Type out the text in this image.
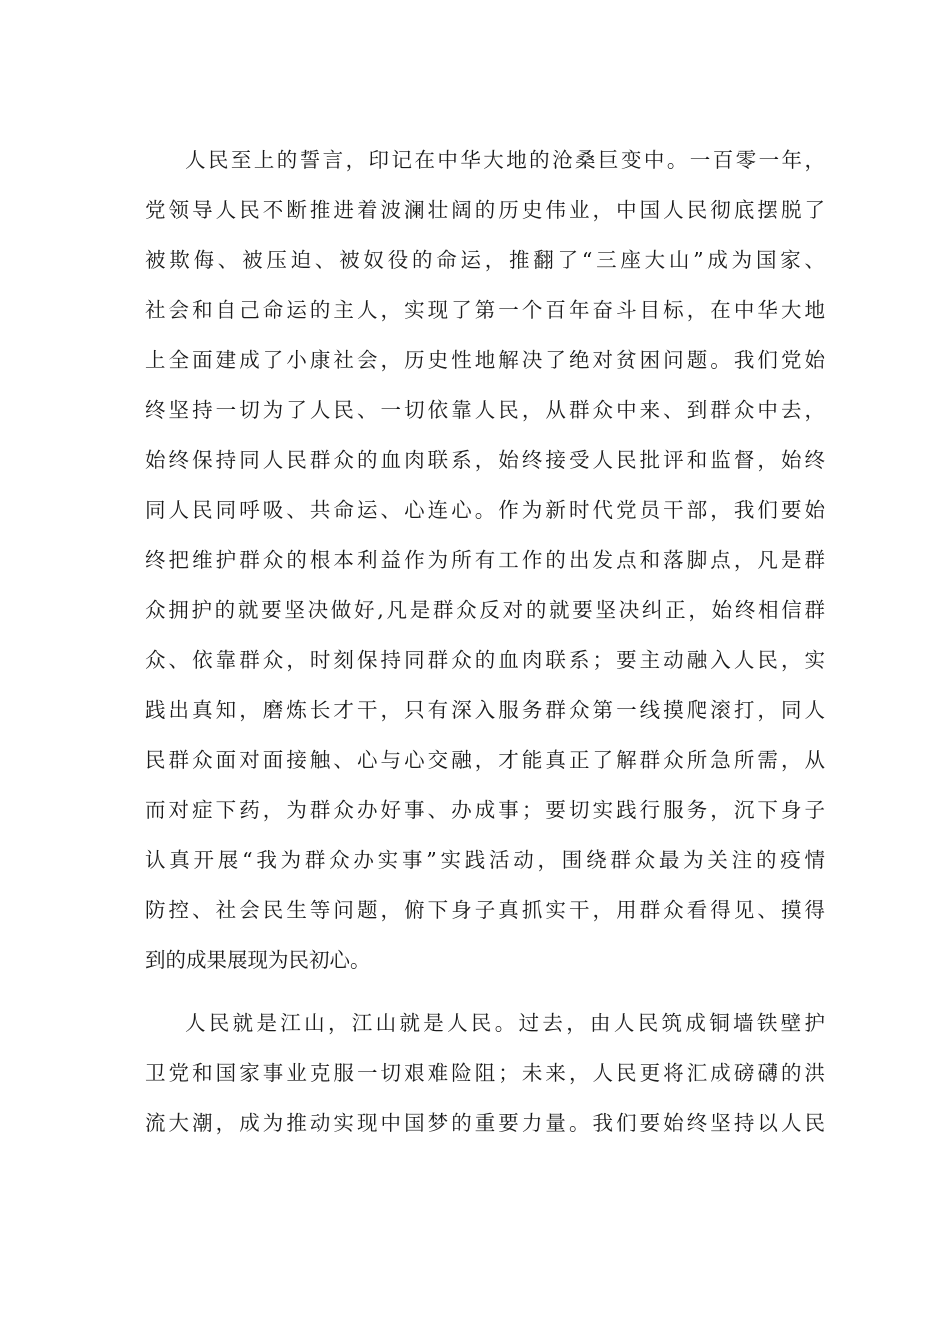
人民至上的誓言，印记在中华大地的沧桑巨变中。一百零一年，
党领导人民不断推进着波澜壮阔的历史伟业，中国人民彻底摆脱了
被欺侮、被压迫、被奴役的命运，推翻了“三座大山”成为国家、
社会和自己命运的主人，实现了第一个百年奋斗目标，在中华大地
上全面建成了小康社会，历史性地解决了绝对贫困问题。我们党始
终坚持一切为了人民、一切依靠人民，从群众中来、到群众中去，
始终保持同人民群众的血肉联系，始终接受人民批评和监督，始终
同人民同呼吸、共命运、心连心。作为新时代党员干部，我们要始
终把维护群众的根本利益作为所有工作的出发点和落脚点，凡是群
众拥护的就要坚决做好,凡是群众反对的就要坚决纠正，始终相信群
众、依靠群众，时刻保持同群众的血肉联系；要主动融入人民，实
践出真知，磨炼长才干，只有深入服务群众第一线摸爬滚打，同人
民群众面对面接触、心与心交融，才能真正了解群众所急所需，从
而对症下药，为群众办好事、办成事；要切实践行服务，沉下身子
认真开展“我为群众办实事”实践活动，围绕群众最为关注的疫情
防控、社会民生等问题，俯下身子真抓实干，用群众看得见、摸得
到的成果展现为民初心。
人民就是江山，江山就是人民。过去，由人民筑成铜墙铁壁护
卫党和国家事业克服一切艰难险阻；未来，人民更将汇成磅礴的洪
流大潮，成为推动实现中国梦的重要力量。我们要始终坚持以人民
